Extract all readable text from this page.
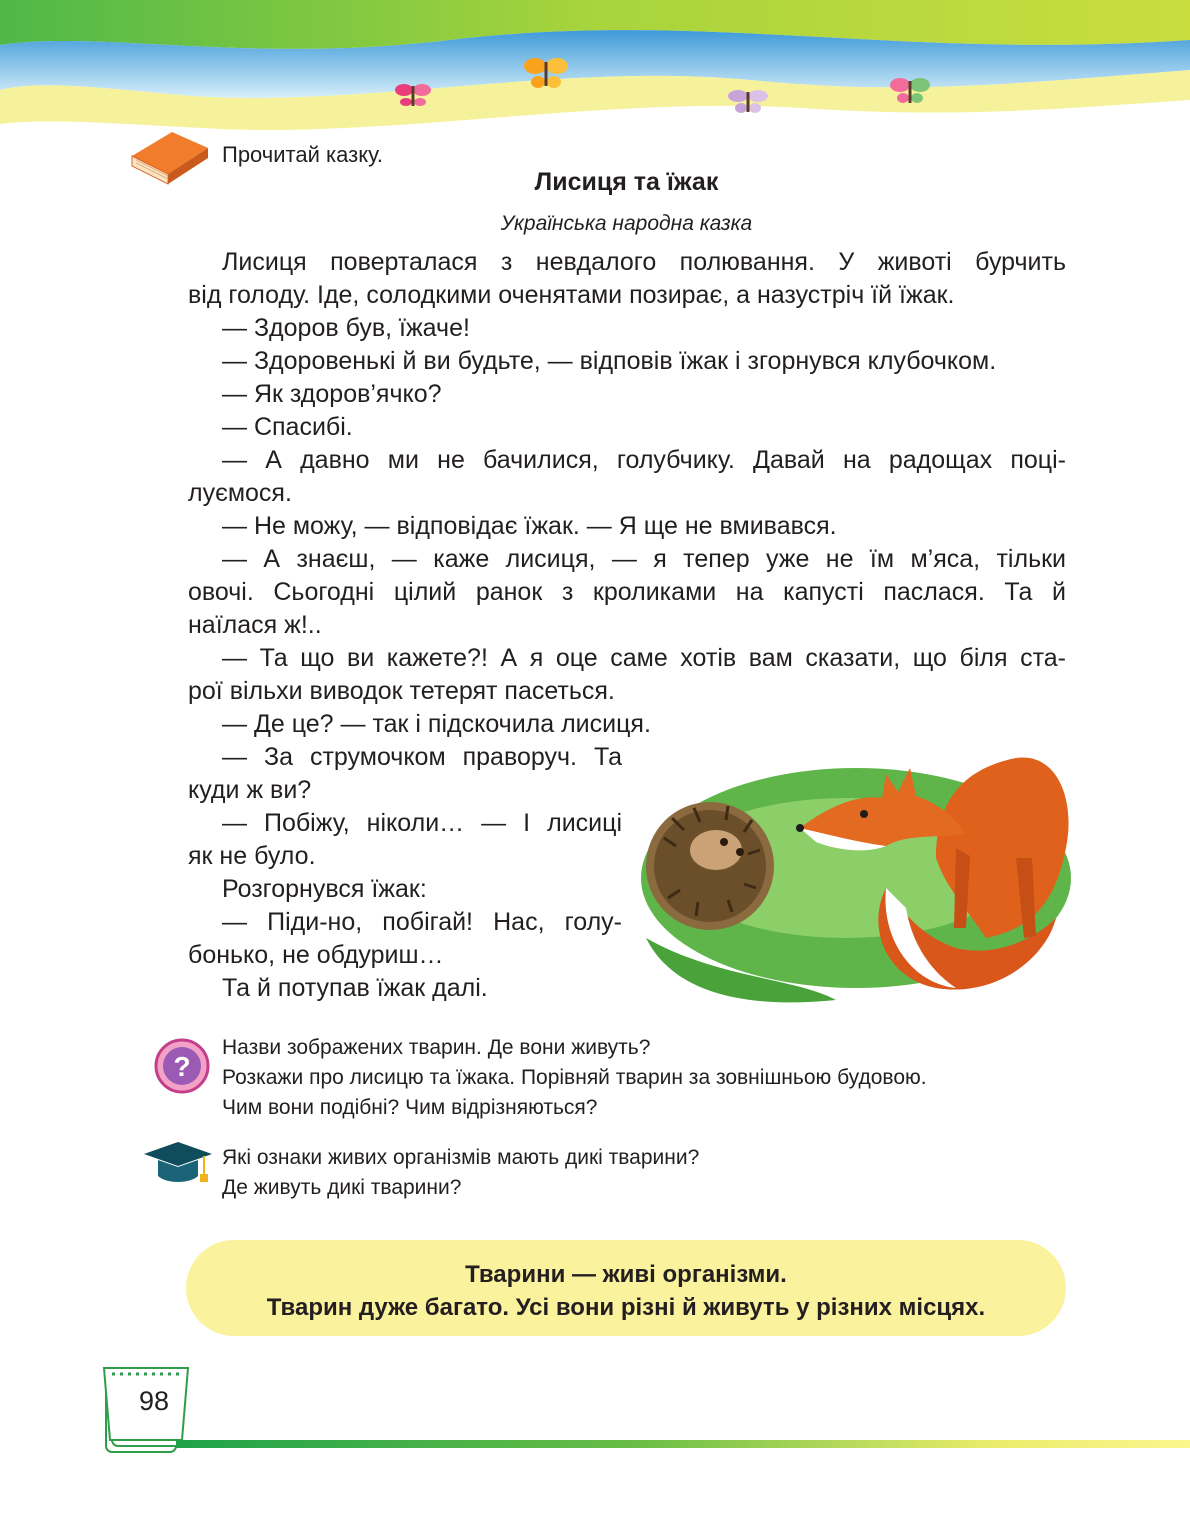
Прочитай казку.
Лисиця та їжак
Українська народна казка

Лисиця поверталася з невдалого полювання. У животі бурчить
від голоду. Іде, солодкими оченятами позирає, а назустріч їй їжак.

— Здоров був, їжаче!

— Здоровенькі й ви будьте, — відповів їжак і згорнувся клубочком.

— Як здоров’ячко?

— Спасибі.

— А давно ми не бачилися, голубчику. Давай на радощах поці-
луємося.

— Не можу, — відповідає їжак. — Я ще не вмивався.

— А знаєш, — каже лисиця, — я тепер уже не їм м’яса, тільки
овочі. Сьогодні цілий ранок з кроликами на капусті паслася. Та й
наїлася ж!..

— Та що ви кажете?! А я оце саме хотів вам сказати, що біля ста-
рої вільхи виводок тетерят пасеться.

— Де це? — так і підскочила лисиця.

— За струмочком праворуч. Та
куди ж ви?

— Побіжу, ніколи… — І лисиці
як не було.

Розгорнувся їжак:

— Піди-но, побігай! Нас, голу-
бонько, не обдуриш…

Та й потупав їжак далі.

?

Назви зображених тварин. Де вони живуть?

Розкажи про лисицю та їжака. Порівняй тварин за зовнішньою будовою.

Чим вони подібні? Чим відрізняються?

Які ознаки живих організмів мають дикі тварини?

Де живуть дикі тварини?

Тварини — живі організми.
Тварин дуже багато. Усі вони різні й живуть у різних місцях.
98
